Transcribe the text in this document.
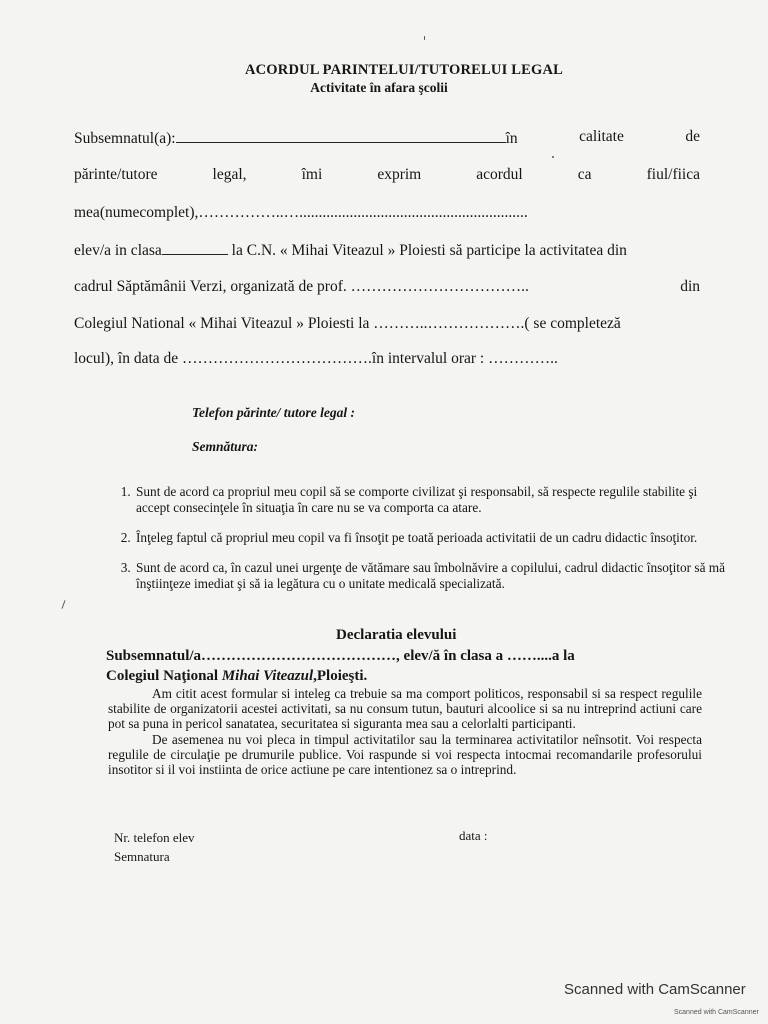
ACORDUL PARINTELUI/TUTORELUI LEGAL
Activitate în afara şcolii
Subsemnatul(a):	în	calitate	de
părinte/tutore	legal,	îmi	exprim	acordul	ca	fiul/fiica
mea(numecomplet),……………..…...........................................................
elev/a in clasa	la C.N. « Mihai Viteazul » Ploiesti să participe la activitatea din
cadrul Săptămânii Verzi, organizată de prof. ……………………………..	din
Colegiul National « Mihai Viteazul » Ploiesti la ………..……………….( se completeză
locul), în data de ……………………………….în intervalul orar : …………..
Telefon părinte/ tutore legal :
Semnătura:
1. Sunt de acord ca propriul meu copil să se comporte civilizat şi responsabil, să respecte regulile stabilite şi accept consecinţele în situaţia în care nu se va comporta ca atare.
2. Înţeleg faptul că propriul meu copil va fi însoţit pe toată perioada activitatii de un cadru didactic însoţitor.
3. Sunt de acord ca, în cazul unei urgenţe de vătămare sau îmbolnăvire a copilului, cadrul didactic însoţitor să mă înştiinţeze imediat şi să ia legătura cu o unitate medicală specializată.
Declaratia elevului
Subsemnatul/a…………………………………, elev/ă în clasa a ……....a la
Colegiul Naţional Mihai Viteazul,Ploieşti.

Am citit acest formular si inteleg ca trebuie sa ma comport politicos, responsabil si sa respect regulile stabilite de organizatorii acestei activitati, sa nu consum tutun, bauturi alcoolice si sa nu intreprind actiuni care pot sa puna in pericol sanatatea, securitatea si siguranta mea sau a celorlalti participanti.

De asemenea nu voi pleca in timpul activitatilor sau la terminarea activitatilor neînsotit. Voi respecta regulile de circulaţie pe drumurile publice. Voi raspunde si voi respecta intocmai recomandarile profesorului insotitor si il voi instiinta de orice actiune pe care intentionez sa o intreprind.

Nr. telefon elev	data :
Semnatura
Scanned with CamScanner
Scanned with CamScanner
